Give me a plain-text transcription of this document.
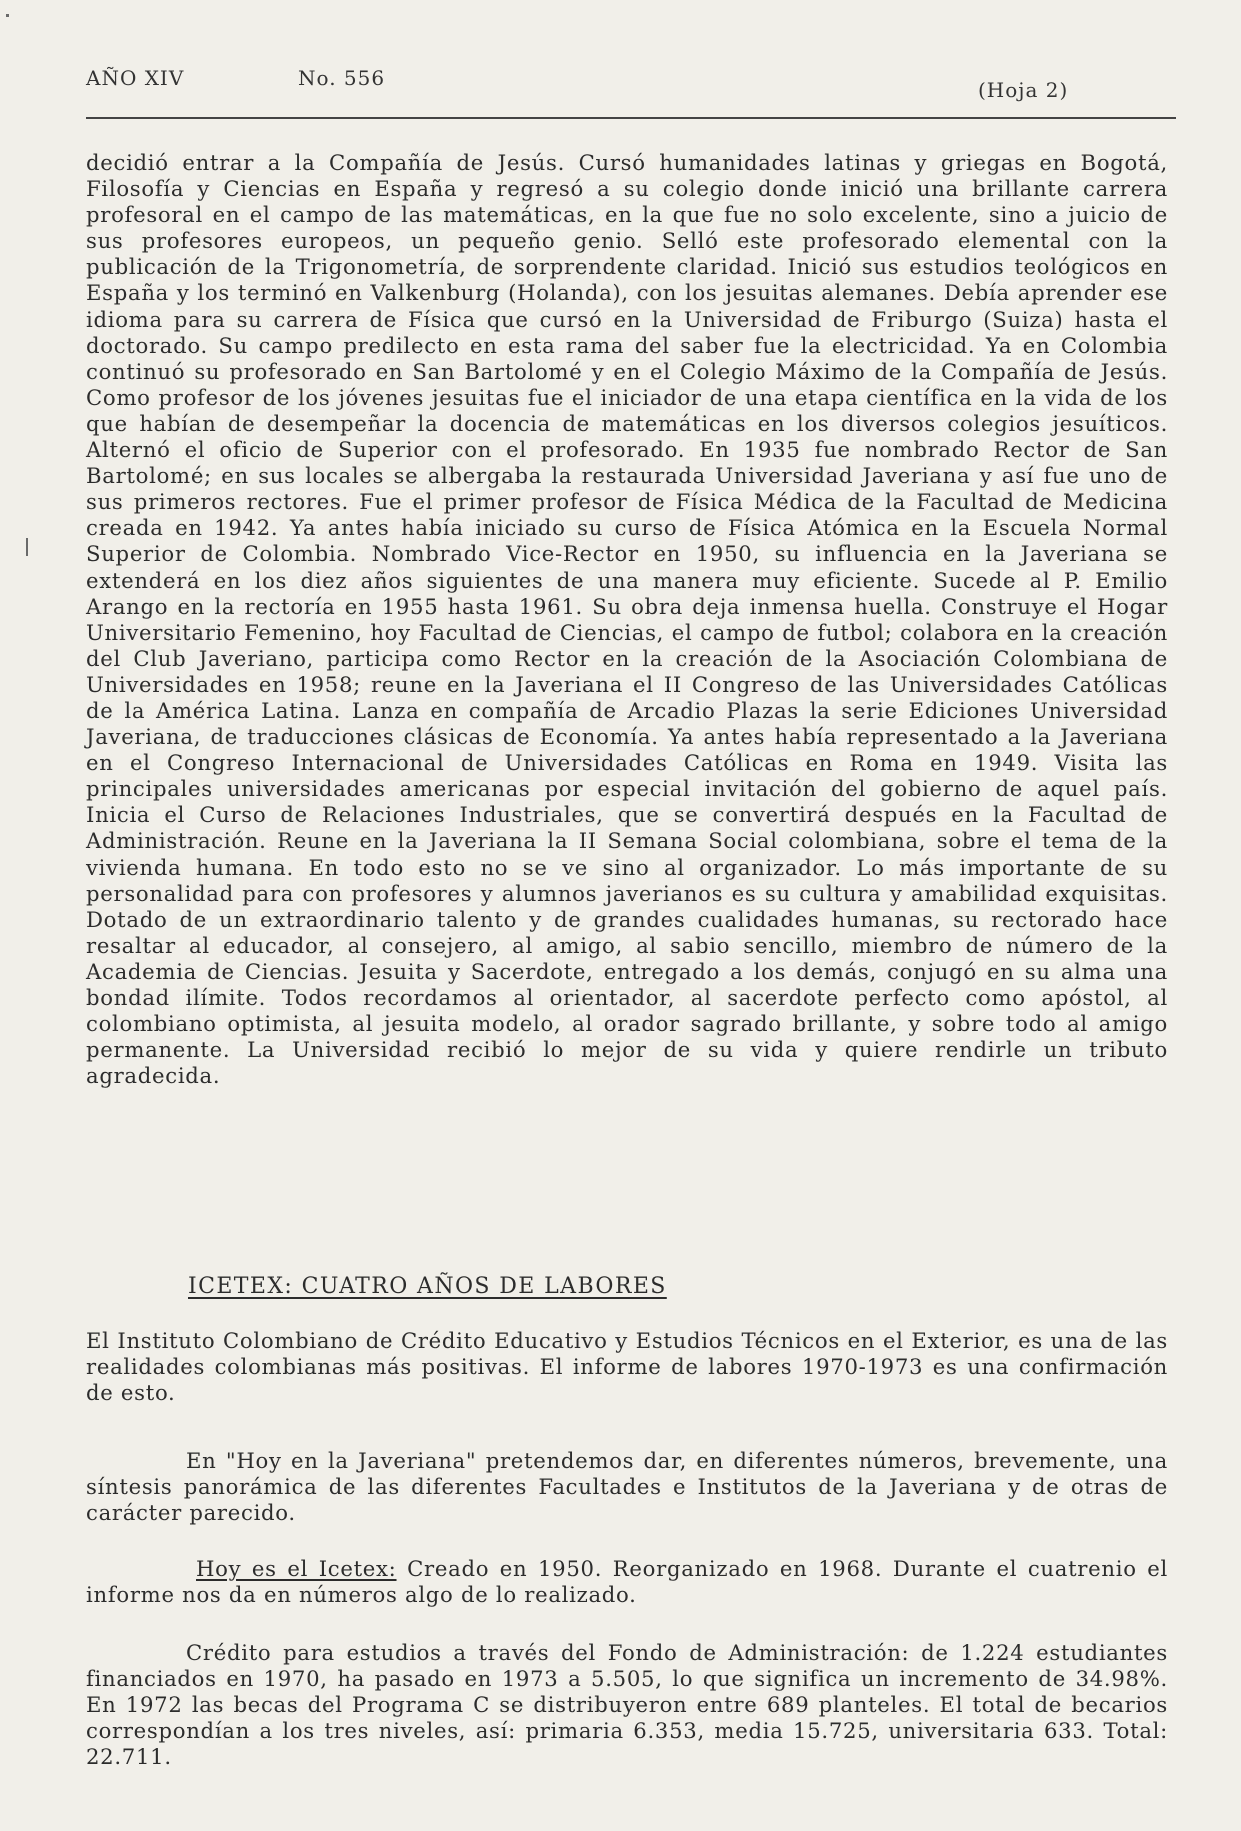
AÑO XIV	No. 556	(Hoja 2)
decidió entrar a la Compañía de Jesús. Cursó humanidades latinas y griegas en Bogotá, Filosofía y Ciencias en España y regresó a su colegio donde inició una brillante carrera profesoral en el campo de las matemáticas, en la que fue no solo excelente, sino a juicio de sus profesores europeos, un pequeño genio. Selló este profesorado elemental con la publicación de la Trigonometría, de sorprendente claridad. Inició sus estudios teológicos en España y los terminó en Valkenburg (Holanda), con los jesuitas alemanes. Debía aprender ese idioma para su carrera de Física que cursó en la Universidad de Friburgo (Suiza) hasta el doctorado. Su campo predilecto en esta rama del saber fue la electricidad. Ya en Colombia continuó su profesorado en San Bartolomé y en el Colegio Máximo de la Compañía de Jesús. Como profesor de los jóvenes jesuitas fue el iniciador de una etapa científica en la vida de los que habían de desempeñar la docencia de matemáticas en los diversos colegios jesuíticos. Alternó el oficio de Superior con el profesorado. En 1935 fue nombrado Rector de San Bartolomé; en sus locales se albergaba la restaurada Universidad Javeriana y así fue uno de sus primeros rectores. Fue el primer profesor de Física Médica de la Facultad de Medicina creada en 1942. Ya antes había iniciado su curso de Física Atómica en la Escuela Normal Superior de Colombia. Nombrado Vice-Rector en 1950, su influencia en la Javeriana se extenderá en los diez años siguientes de una manera muy eficiente. Sucede al P. Emilio Arango en la rectoría en 1955 hasta 1961. Su obra deja inmensa huella. Construye el Hogar Universitario Femenino, hoy Facultad de Ciencias, el campo de futbol; colabora en la creación del Club Javeriano, participa como Rector en la creación de la Asociación Colombiana de Universidades en 1958; reune en la Javeriana el II Congreso de las Universidades Católicas de la América Latina. Lanza en compañía de Arcadio Plazas la serie Ediciones Universidad Javeriana, de traducciones clásicas de Economía. Ya antes había representado a la Javeriana en el Congreso Internacional de Universidades Católicas en Roma en 1949. Visita las principales universidades americanas por especial invitación del gobierno de aquel país. Inicia el Curso de Relaciones Industriales, que se convertirá después en la Facultad de Administración. Reune en la Javeriana la II Semana Social colombiana, sobre el tema de la vivienda humana. En todo esto no se ve sino al organizador. Lo más importante de su personalidad para con profesores y alumnos javerianos es su cultura y amabilidad exquisitas. Dotado de un extraordinario talento y de grandes cualidades humanas, su rectorado hace resaltar al educador, al consejero, al amigo, al sabio sencillo, miembro de número de la Academia de Ciencias. Jesuita y Sacerdote, entregado a los demás, conjugó en su alma una bondad ilímite. Todos recordamos al orientador, al sacerdote perfecto como apóstol, al colombiano optimista, al jesuita modelo, al orador sagrado brillante, y sobre todo al amigo permanente. La Universidad recibió lo mejor de su vida y quiere rendirle un tributo agradecida.
ICETEX: CUATRO AÑOS DE LABORES
El Instituto Colombiano de Crédito Educativo y Estudios Técnicos en el Exterior, es una de las realidades colombianas más positivas. El informe de labores 1970-1973 es una confirmación de esto.
En "Hoy en la Javeriana" pretendemos dar, en diferentes números, brevemente, una síntesis panorámica de las diferentes Facultades e Institutos de la Javeriana y de otras de carácter parecido.
Hoy es el Icetex: Creado en 1950. Reorganizado en 1968. Durante el cuatrenio el informe nos da en números algo de lo realizado.
Crédito para estudios a través del Fondo de Administración: de 1.224 estudiantes financiados en 1970, ha pasado en 1973 a 5.505, lo que significa un incremento de 34.98%. En 1972 las becas del Programa C se distribuyeron entre 689 planteles. El total de becarios correspondían a los tres niveles, así: primaria 6.353, media 15.725, universitaria 633. Total: 22.711.
